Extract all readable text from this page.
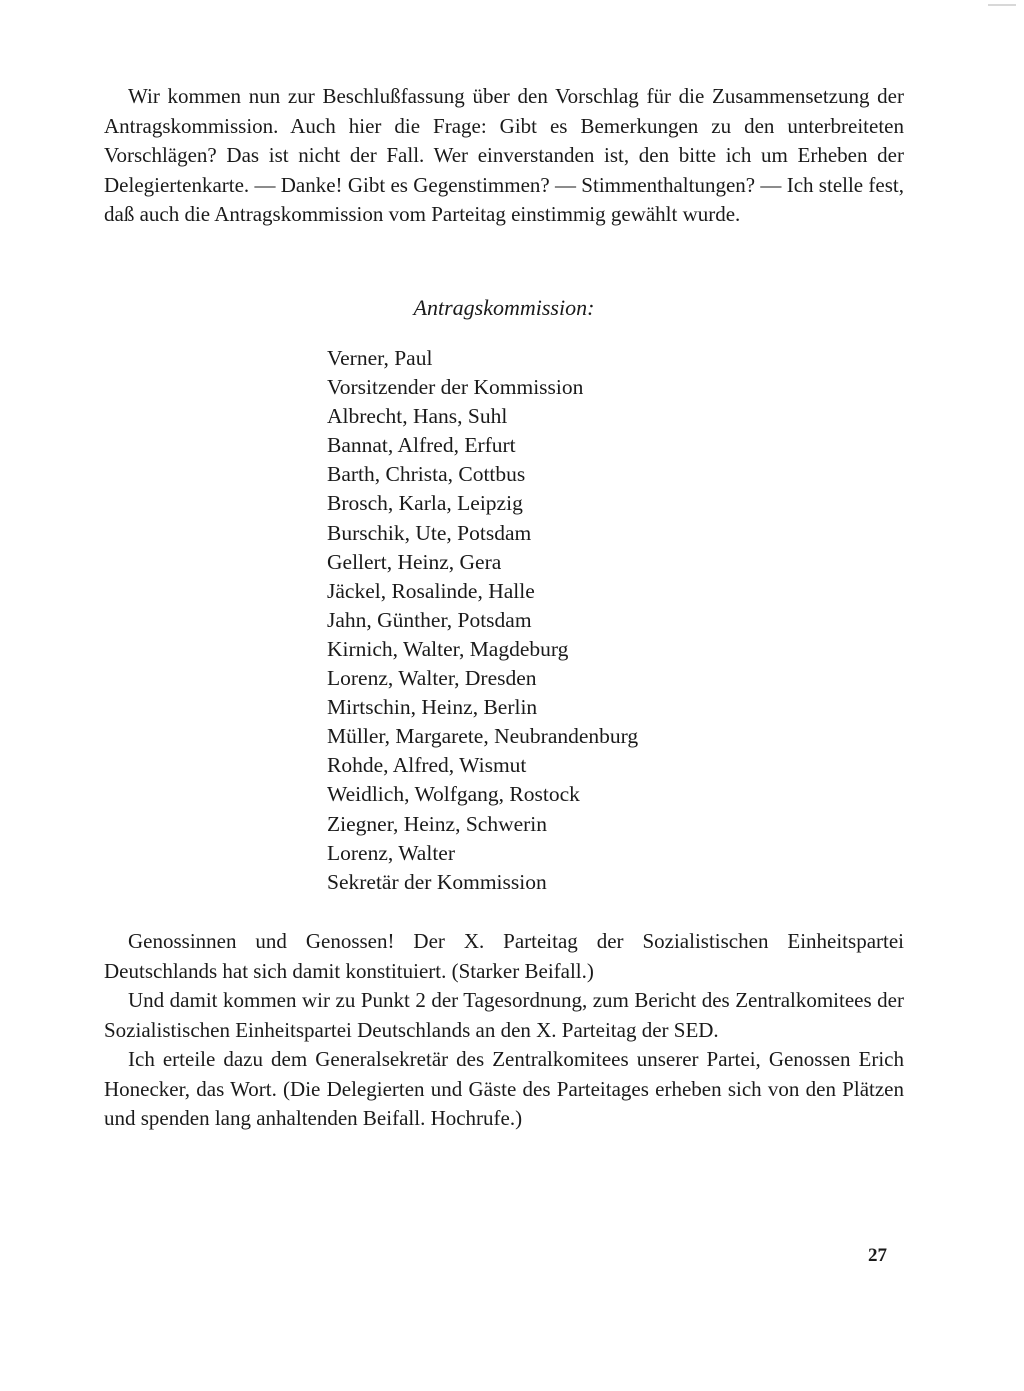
Wir kommen nun zur Beschlußfassung über den Vorschlag für die Zusammensetzung der Antragskommission. Auch hier die Frage: Gibt es Bemerkungen zu den unterbreiteten Vorschlägen? Das ist nicht der Fall. Wer einverstanden ist, den bitte ich um Erheben der Delegiertenkarte. — Danke! Gibt es Gegenstimmen? — Stimmenthaltungen? — Ich stelle fest, daß auch die Antragskommission vom Parteitag einstimmig gewählt wurde.

Antragskommission:
Verner, Paul
Vorsitzender der Kommission
Albrecht, Hans, Suhl
Bannat, Alfred, Erfurt
Barth, Christa, Cottbus
Brosch, Karla, Leipzig
Burschik, Ute, Potsdam
Gellert, Heinz, Gera
Jäckel, Rosalinde, Halle
Jahn, Günther, Potsdam
Kirnich, Walter, Magdeburg
Lorenz, Walter, Dresden
Mirtschin, Heinz, Berlin
Müller, Margarete, Neubrandenburg
Rohde, Alfred, Wismut
Weidlich, Wolfgang, Rostock
Ziegner, Heinz, Schwerin
Lorenz, Walter
Sekretär der Kommission

Genossinnen und Genossen! Der X. Parteitag der Sozialistischen Einheitspartei Deutschlands hat sich damit konstituiert. (Starker Beifall.)

Und damit kommen wir zu Punkt 2 der Tagesordnung, zum Bericht des Zentralkomitees der Sozialistischen Einheitspartei Deutschlands an den X. Parteitag der SED.

Ich erteile dazu dem Generalsekretär des Zentralkomitees unserer Partei, Genossen Erich Honecker, das Wort. (Die Delegierten und Gäste des Parteitages erheben sich von den Plätzen und spenden lang anhaltenden Beifall. Hochrufe.)

27
